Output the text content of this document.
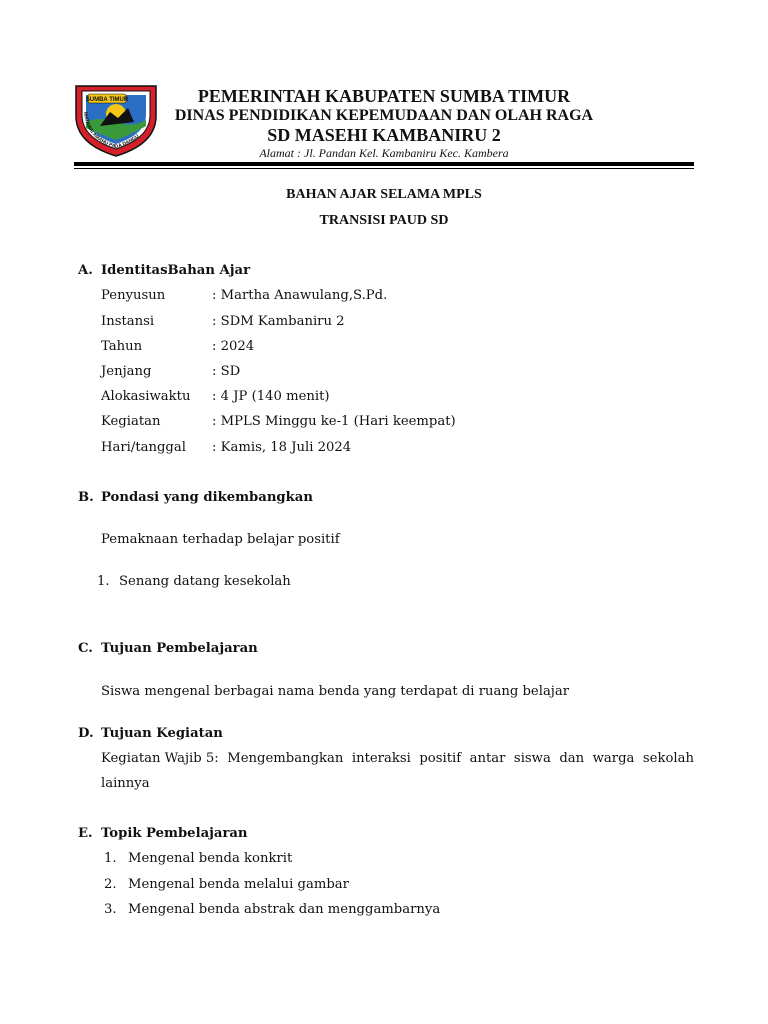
SUMBA TIMUR
MATAWAI AMAHU PADA DANGU
PEMERINTAH KABUPATEN SUMBA TIMUR
DINAS PENDIDIKAN KEPEMUDAAN DAN OLAH RAGA
SD MASEHI KAMBANIRU 2
Alamat : Jl. Pandan Kel. Kambaniru Kec. Kambera
BAHAN AJAR SELAMA MPLS
TRANSISI PAUD SD
A. IdentitasBahan Ajar
Penyusun	: Martha Anawulang,S.Pd.
Instansi	: SDM Kambaniru 2
Tahun	: 2024
Jenjang	: SD
Alokasiwaktu : 4 JP (140 menit)
Kegiatan	: MPLS Minggu ke-1 (Hari keempat)
Hari/tanggal : Kamis, 18 Juli 2024
B. Pondasi yang dikembangkan
Pemaknaan terhadap belajar positif
1. Senang datang kesekolah
C. Tujuan Pembelajaran
Siswa mengenal berbagai nama benda yang terdapat di ruang belajar
D. Tujuan Kegiatan
Kegiatan Wajib 5: Mengembangkan interaksi positif antar siswa dan warga sekolah
lainnya
E. Topik Pembelajaran
1. Mengenal benda konkrit
2. Mengenal benda melalui gambar
3. Mengenal benda abstrak dan menggambarnya
